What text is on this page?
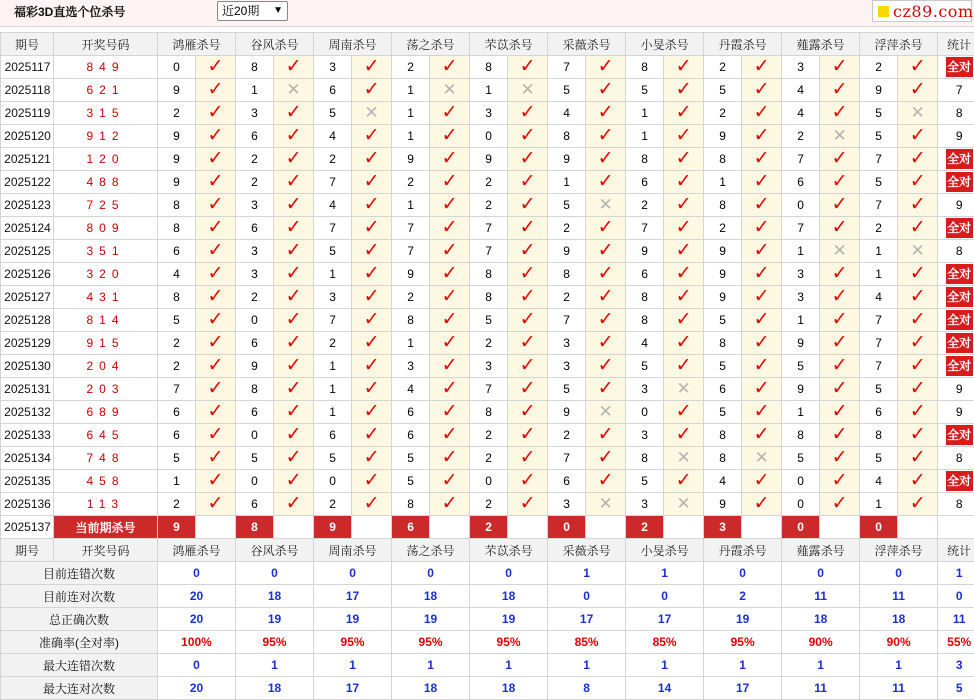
福彩3D直选个位杀号	近20期 ▼	cz89.com
期号	开奖号码	鸿雁杀号		谷风杀号		周南杀号		荡之杀号		芣苡杀号		采薇杀号		小旻杀号		丹霞杀号		薤露杀号		浮萍杀号		统计
2025117	849	0	✓	8	✓	3	✓	2	✓	8	✓	7	✓	8	✓	2	✓	3	✓	2	✓	全对
2025118	621	9	✓	1	✕	6	✓	1	✕	1	✕	5	✓	5	✓	5	✓	4	✓	9	✓	7
2025119	315	2	✓	3	✓	5	✕	1	✓	3	✓	4	✓	1	✓	2	✓	4	✓	5	✕	8
2025120	912	9	✓	6	✓	4	✓	1	✓	0	✓	8	✓	1	✓	9	✓	2	✕	5	✓	9
2025121	120	9	✓	2	✓	2	✓	9	✓	9	✓	9	✓	8	✓	8	✓	7	✓	7	✓	全对
2025122	488	9	✓	2	✓	7	✓	2	✓	2	✓	1	✓	6	✓	1	✓	6	✓	5	✓	全对
2025123	725	8	✓	3	✓	4	✓	1	✓	2	✓	5	✕	2	✓	8	✓	0	✓	7	✓	9
2025124	809	8	✓	6	✓	7	✓	7	✓	7	✓	2	✓	7	✓	2	✓	7	✓	2	✓	全对
2025125	351	6	✓	3	✓	5	✓	7	✓	7	✓	9	✓	9	✓	9	✓	1	✕	1	✕	8
2025126	320	4	✓	3	✓	1	✓	9	✓	8	✓	8	✓	6	✓	9	✓	3	✓	1	✓	全对
2025127	431	8	✓	2	✓	3	✓	2	✓	8	✓	2	✓	8	✓	9	✓	3	✓	4	✓	全对
2025128	814	5	✓	0	✓	7	✓	8	✓	5	✓	7	✓	8	✓	5	✓	1	✓	7	✓	全对
2025129	915	2	✓	6	✓	2	✓	1	✓	2	✓	3	✓	4	✓	8	✓	9	✓	7	✓	全对
2025130	204	2	✓	9	✓	1	✓	3	✓	3	✓	3	✓	5	✓	5	✓	5	✓	7	✓	全对
2025131	203	7	✓	8	✓	1	✓	4	✓	7	✓	5	✓	3	✕	6	✓	9	✓	5	✓	9
2025132	689	6	✓	6	✓	1	✓	6	✓	8	✓	9	✕	0	✓	5	✓	1	✓	6	✓	9
2025133	645	6	✓	0	✓	6	✓	6	✓	2	✓	2	✓	3	✓	8	✓	8	✓	8	✓	全对
2025134	748	5	✓	5	✓	5	✓	5	✓	2	✓	7	✓	8	✕	8	✕	5	✓	5	✓	8
2025135	458	1	✓	0	✓	0	✓	5	✓	0	✓	6	✓	5	✓	4	✓	0	✓	4	✓	全对
2025136	113	2	✓	6	✓	2	✓	8	✓	2	✓	3	✕	3	✕	9	✓	0	✓	1	✓	8
2025137	当前期杀号	9		8		9		6		2		0		2		3		0		0		
期号	开奖号码	鸿雁杀号		谷风杀号		周南杀号		荡之杀号		芣苡杀号		采薇杀号		小旻杀号		丹霞杀号		薤露杀号		浮萍杀号		统计
目前连错次数		0		0		0		0		0		1		1		0		0		0		1
目前连对次数		20		18		17		18		18		0		0		2		11		11		0
总正确次数		20		19		19		19		19		17		17		19		18		18		11
准确率(全对率)		100%		95%		95%		95%		95%		85%		85%		95%		90%		90%		55%
最大连错次数		0		1		1		1		1		1		1		1		1		1		3
最大连对次数		20		18		17		18		18		8		14		17		11		11		5
